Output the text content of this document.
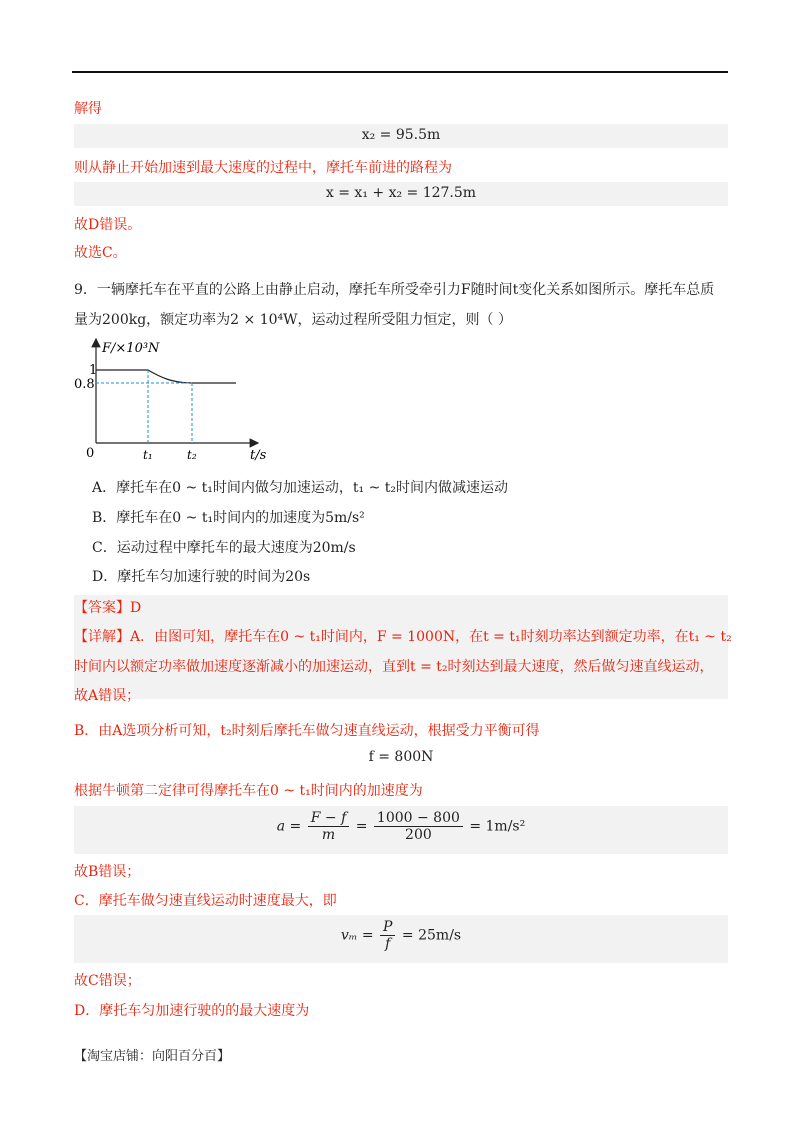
解得
x₂ = 95.5m
则从静止开始加速到最大速度的过程中，摩托车前进的路程为
x = x₁ + x₂ = 127.5m
故D错误。
故选C。
9．一辆摩托车在平直的公路上由静止启动，摩托车所受牵引力F随时间t变化关系如图所示。摩托车总质
量为200kg，额定功率为2 × 10⁴W，运动过程所受阻力恒定，则（ ）
F/×10³N
1
0.8
0	t₁	t₂	t/s
A．摩托车在0 ~ t₁时间内做匀加速运动，t₁ ~ t₂时间内做减速运动
B．摩托车在0 ~ t₁时间内的加速度为5m/s²
C．运动过程中摩托车的最大速度为20m/s
D．摩托车匀加速行驶的时间为20s
【答案】D
【详解】A．由图可知，摩托车在0 ~ t₁时间内，F = 1000N，在t = t₁时刻功率达到额定功率，在t₁ ~ t₂
时间内以额定功率做加速度逐渐减小的加速运动，直到t = t₂时刻达到最大速度，然后做匀速直线运动，
故A错误；
B．由A选项分析可知，t₂时刻后摩托车做匀速直线运动，根据受力平衡可得
f = 800N
根据牛顿第二定律可得摩托车在0 ~ t₁时间内的加速度为
$a = \frac{F - f}{m} = \frac{1000 - 800}{200} = 1m/s^2$
故B错误；
C．摩托车做匀速直线运动时速度最大，即
$v_m = \frac{P}{f} = 25m/s$
故C错误；
D．摩托车匀加速行驶的的最大速度为
【淘宝店铺：向阳百分百】
